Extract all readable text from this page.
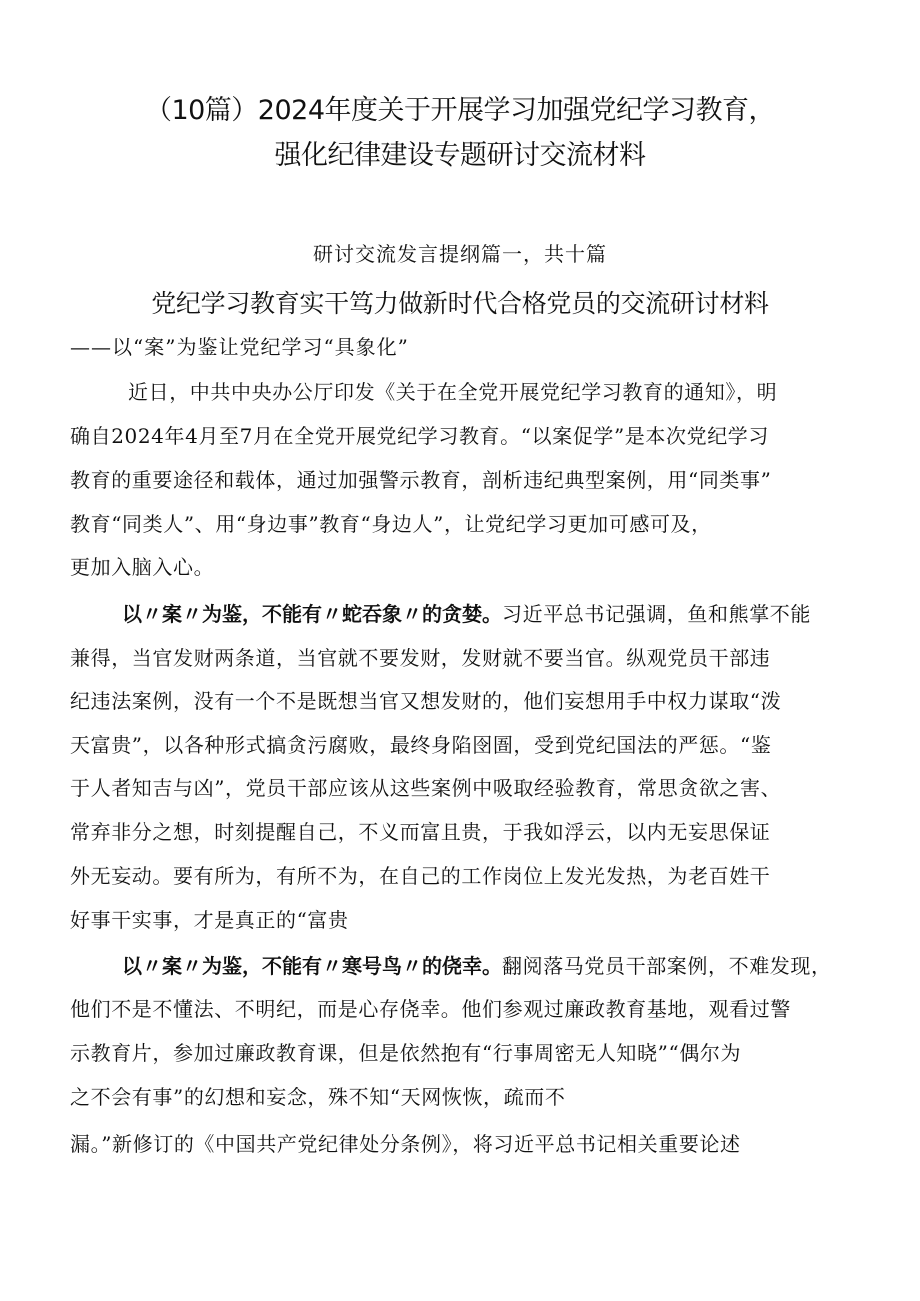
（10篇）2024年度关于开展学习加强党纪学习教育，
强化纪律建设专题研讨交流材料
研讨交流发言提纲篇一，共十篇
党纪学习教育实干笃力做新时代合格党员的交流研讨材料
——以“案”为鉴让党纪学习“具象化”
近日，中共中央办公厅印发《关于在全党开展党纪学习教育的通知》，明
确自2024年4月至7月在全党开展党纪学习教育。“以案促学”是本次党纪学习
教育的重要途径和载体，通过加强警示教育，剖析违纪典型案例，用“同类事”
教育“同类人”、用“身边事”教育“身边人”，让党纪学习更加可感可及，
更加入脑入心。
以〃案〃为鉴，不能有〃蛇吞象〃的贪婪。习近平总书记强调，鱼和熊掌不能
兼得，当官发财两条道，当官就不要发财，发财就不要当官。纵观党员干部违
纪违法案例，没有一个不是既想当官又想发财的，他们妄想用手中权力谋取“泼
天富贵”，以各种形式搞贪污腐败，最终身陷囹圄，受到党纪国法的严惩。“鉴
于人者知吉与凶”，党员干部应该从这些案例中吸取经验教育，常思贪欲之害、
常弃非分之想，时刻提醒自己，不义而富且贵，于我如浮云，以内无妄思保证
外无妄动。要有所为，有所不为，在自己的工作岗位上发光发热，为老百姓干
好事干实事，才是真正的“富贵
以〃案〃为鉴，不能有〃寒号鸟〃的侥幸。翻阅落马党员干部案例，不难发现，
他们不是不懂法、不明纪，而是心存侥幸。他们参观过廉政教育基地，观看过警
示教育片，参加过廉政教育课，但是依然抱有“行事周密无人知晓”“偶尔为
之不会有事”的幻想和妄念，殊不知“天网恢恢，疏而不
漏。”新修订的《中国共产党纪律处分条例》，将习近平总书记相关重要论述
